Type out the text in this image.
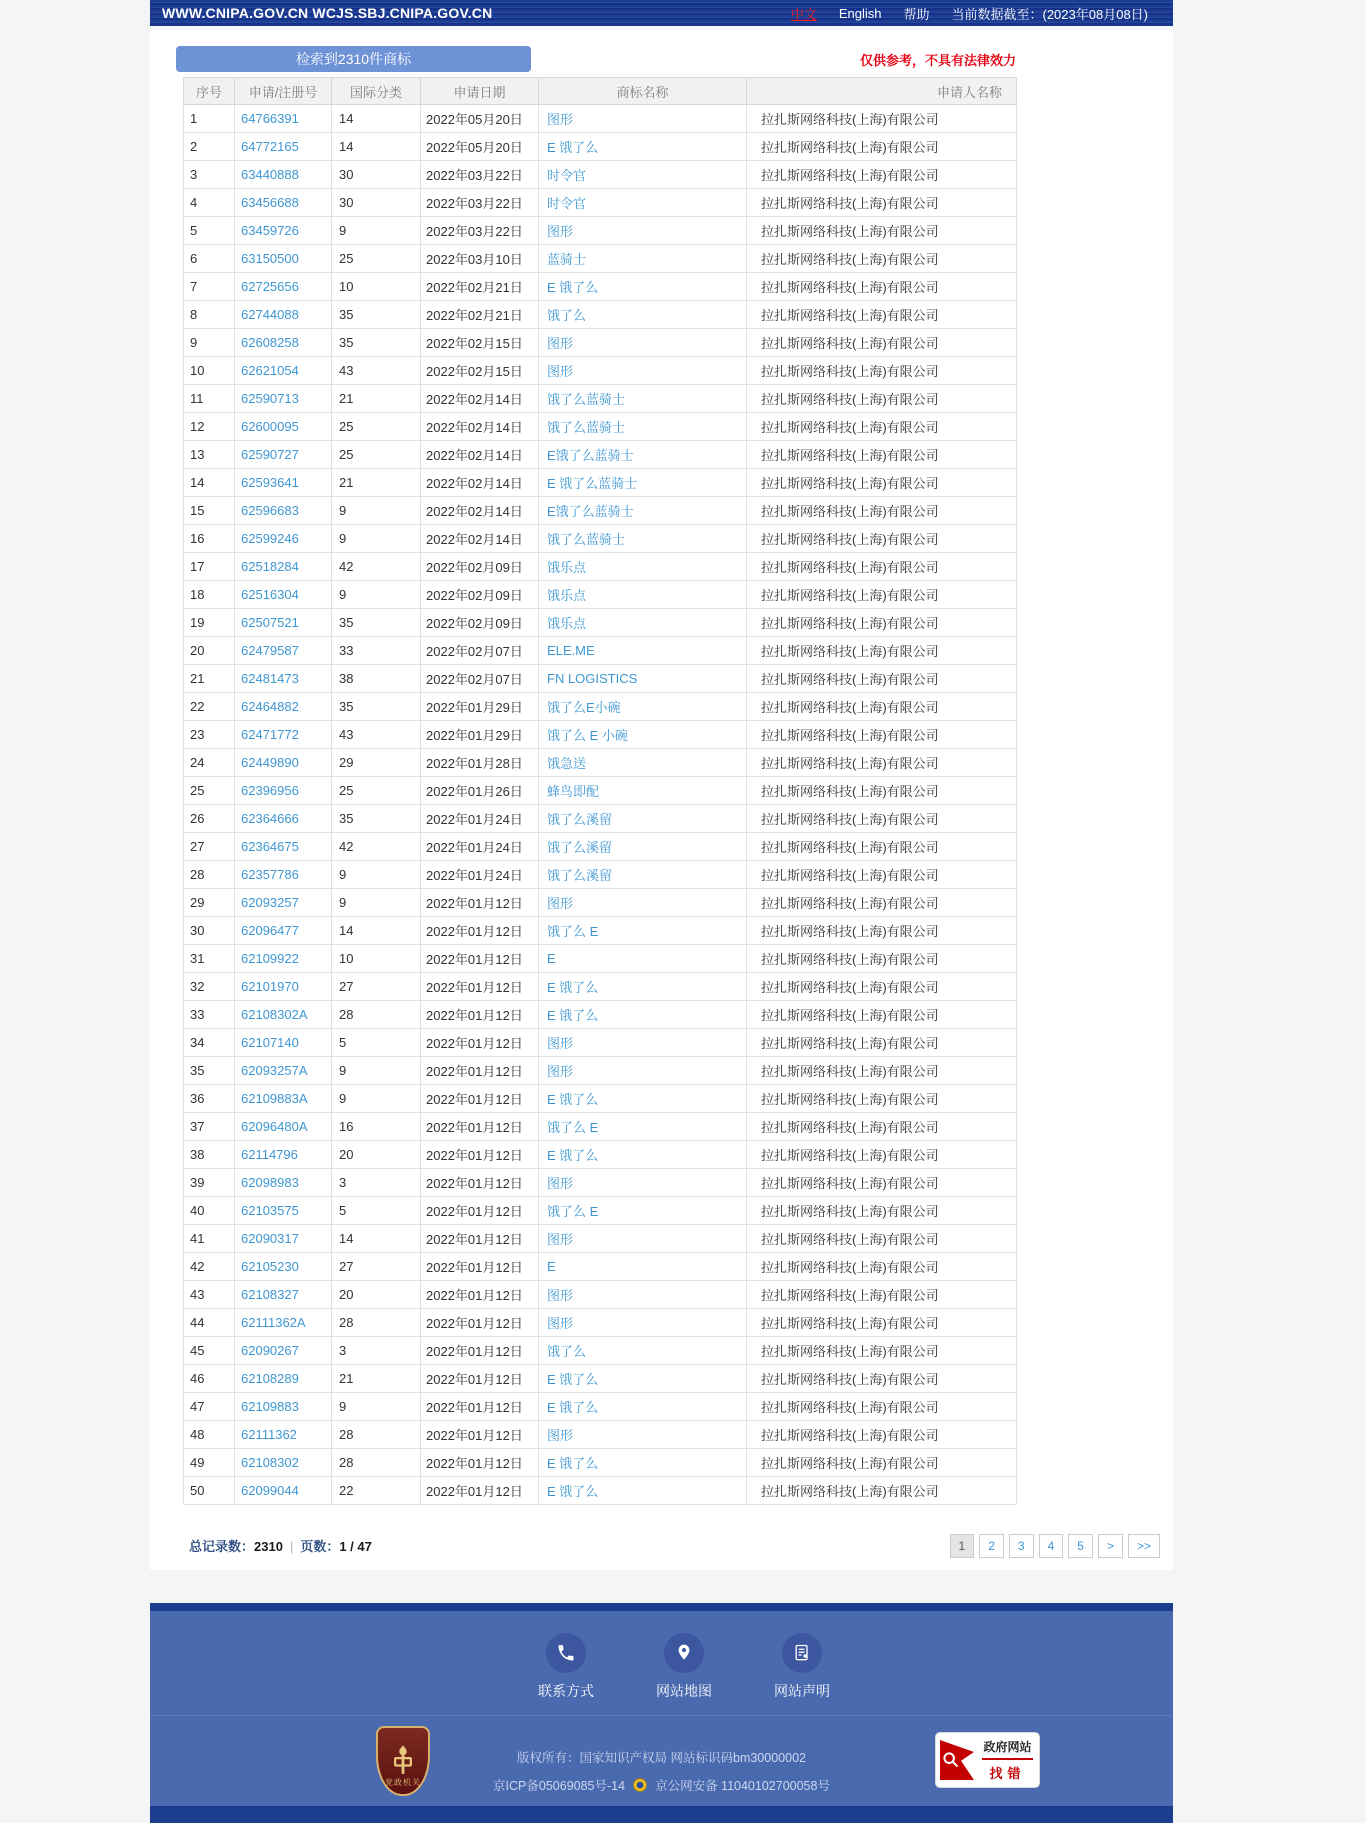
WWW.CNIPA.GOV.CN WCJS.SBJ.CNIPA.GOV.CN	中文 English 帮助 当前数据截至：(2023年08月08日)
检索到2310件商标	仅供参考，不具有法律效力
序号	申请/注册号	国际分类	申请日期	商标名称	申请人名称
1	64766391	14	2022年05月20日	图形	拉扎斯网络科技(上海)有限公司
2	64772165	14	2022年05月20日	E 饿了么	拉扎斯网络科技(上海)有限公司
3	63440888	30	2022年03月22日	时令官	拉扎斯网络科技(上海)有限公司
4	63456688	30	2022年03月22日	时令官	拉扎斯网络科技(上海)有限公司
5	63459726	9	2022年03月22日	图形	拉扎斯网络科技(上海)有限公司
6	63150500	25	2022年03月10日	蓝骑士	拉扎斯网络科技(上海)有限公司
7	62725656	10	2022年02月21日	E 饿了么	拉扎斯网络科技(上海)有限公司
8	62744088	35	2022年02月21日	饿了么	拉扎斯网络科技(上海)有限公司
9	62608258	35	2022年02月15日	图形	拉扎斯网络科技(上海)有限公司
10	62621054	43	2022年02月15日	图形	拉扎斯网络科技(上海)有限公司
11	62590713	21	2022年02月14日	饿了么蓝骑士	拉扎斯网络科技(上海)有限公司
12	62600095	25	2022年02月14日	饿了么蓝骑士	拉扎斯网络科技(上海)有限公司
13	62590727	25	2022年02月14日	E饿了么蓝骑士	拉扎斯网络科技(上海)有限公司
14	62593641	21	2022年02月14日	E 饿了么蓝骑士	拉扎斯网络科技(上海)有限公司
15	62596683	9	2022年02月14日	E饿了么蓝骑士	拉扎斯网络科技(上海)有限公司
16	62599246	9	2022年02月14日	饿了么蓝骑士	拉扎斯网络科技(上海)有限公司
17	62518284	42	2022年02月09日	饿乐点	拉扎斯网络科技(上海)有限公司
18	62516304	9	2022年02月09日	饿乐点	拉扎斯网络科技(上海)有限公司
19	62507521	35	2022年02月09日	饿乐点	拉扎斯网络科技(上海)有限公司
20	62479587	33	2022年02月07日	ELE.ME	拉扎斯网络科技(上海)有限公司
21	62481473	38	2022年02月07日	FN LOGISTICS	拉扎斯网络科技(上海)有限公司
22	62464882	35	2022年01月29日	饿了么E小碗	拉扎斯网络科技(上海)有限公司
23	62471772	43	2022年01月29日	饿了么 E 小碗	拉扎斯网络科技(上海)有限公司
24	62449890	29	2022年01月28日	饿急送	拉扎斯网络科技(上海)有限公司
25	62396956	25	2022年01月26日	蜂鸟即配	拉扎斯网络科技(上海)有限公司
26	62364666	35	2022年01月24日	饿了么溪留	拉扎斯网络科技(上海)有限公司
27	62364675	42	2022年01月24日	饿了么溪留	拉扎斯网络科技(上海)有限公司
28	62357786	9	2022年01月24日	饿了么溪留	拉扎斯网络科技(上海)有限公司
29	62093257	9	2022年01月12日	图形	拉扎斯网络科技(上海)有限公司
30	62096477	14	2022年01月12日	饿了么 E	拉扎斯网络科技(上海)有限公司
31	62109922	10	2022年01月12日	E	拉扎斯网络科技(上海)有限公司
32	62101970	27	2022年01月12日	E 饿了么	拉扎斯网络科技(上海)有限公司
33	62108302A	28	2022年01月12日	E 饿了么	拉扎斯网络科技(上海)有限公司
34	62107140	5	2022年01月12日	图形	拉扎斯网络科技(上海)有限公司
35	62093257A	9	2022年01月12日	图形	拉扎斯网络科技(上海)有限公司
36	62109883A	9	2022年01月12日	E 饿了么	拉扎斯网络科技(上海)有限公司
37	62096480A	16	2022年01月12日	饿了么 E	拉扎斯网络科技(上海)有限公司
38	62114796	20	2022年01月12日	E 饿了么	拉扎斯网络科技(上海)有限公司
39	62098983	3	2022年01月12日	图形	拉扎斯网络科技(上海)有限公司
40	62103575	5	2022年01月12日	饿了么 E	拉扎斯网络科技(上海)有限公司
41	62090317	14	2022年01月12日	图形	拉扎斯网络科技(上海)有限公司
42	62105230	27	2022年01月12日	E	拉扎斯网络科技(上海)有限公司
43	62108327	20	2022年01月12日	图形	拉扎斯网络科技(上海)有限公司
44	62111362A	28	2022年01月12日	图形	拉扎斯网络科技(上海)有限公司
45	62090267	3	2022年01月12日	饿了么	拉扎斯网络科技(上海)有限公司
46	62108289	21	2022年01月12日	E 饿了么	拉扎斯网络科技(上海)有限公司
47	62109883	9	2022年01月12日	E 饿了么	拉扎斯网络科技(上海)有限公司
48	62111362	28	2022年01月12日	图形	拉扎斯网络科技(上海)有限公司
49	62108302	28	2022年01月12日	E 饿了么	拉扎斯网络科技(上海)有限公司
50	62099044	22	2022年01月12日	E 饿了么	拉扎斯网络科技(上海)有限公司
总记录数：2310 | 页数：1 / 47	1	2	3	4	5	>	>>
联系方式	网站地图	网站声明
党政机关
版权所有：国家知识产权局 网站标识码bm30000002
京ICP备05069085号-14 京公网安备 11040102700058号
政府网站
找错
